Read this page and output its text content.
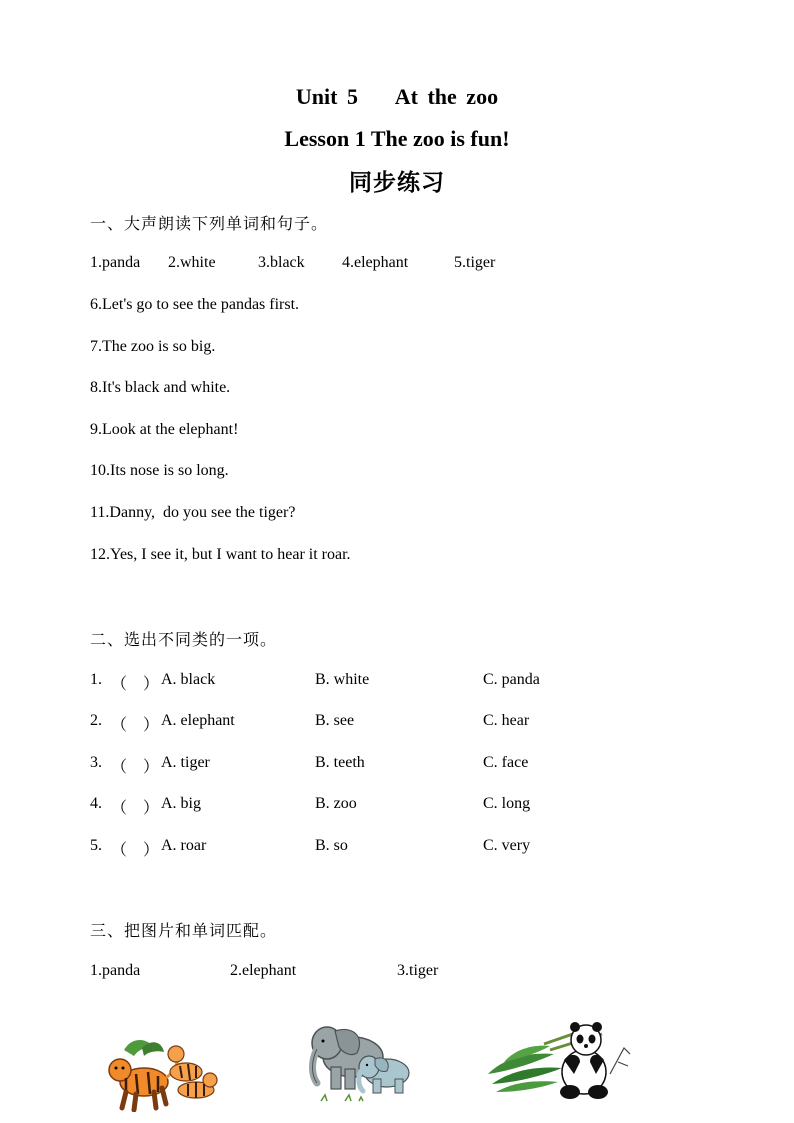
Unit 5    At the zoo
Lesson 1 The zoo is fun!
同步练习
一、大声朗读下列单词和句子。
1.panda 2.white	3.black 4.elephant	5.tiger
6.Let's go to see the pandas first.
7.The zoo is so big.
8.It's black and white.
9.Look at the elephant!
10.Its nose is so long.
11.Danny,  do you see the tiger?
12.Yes, I see it, but I want to hear it roar.
二、选出不同类的一项。
1. （    ） A. black	B. white	C. panda
2. （    ） A. elephant	B. see	C. hear
3. （    ） A. tiger	B. teeth	C. face
4. （    ） A. big	B. zoo	C. long
5. （    ） A. roar	B. so	C. very
三、把图片和单词匹配。
1.panda	2.elephant	3.tiger
